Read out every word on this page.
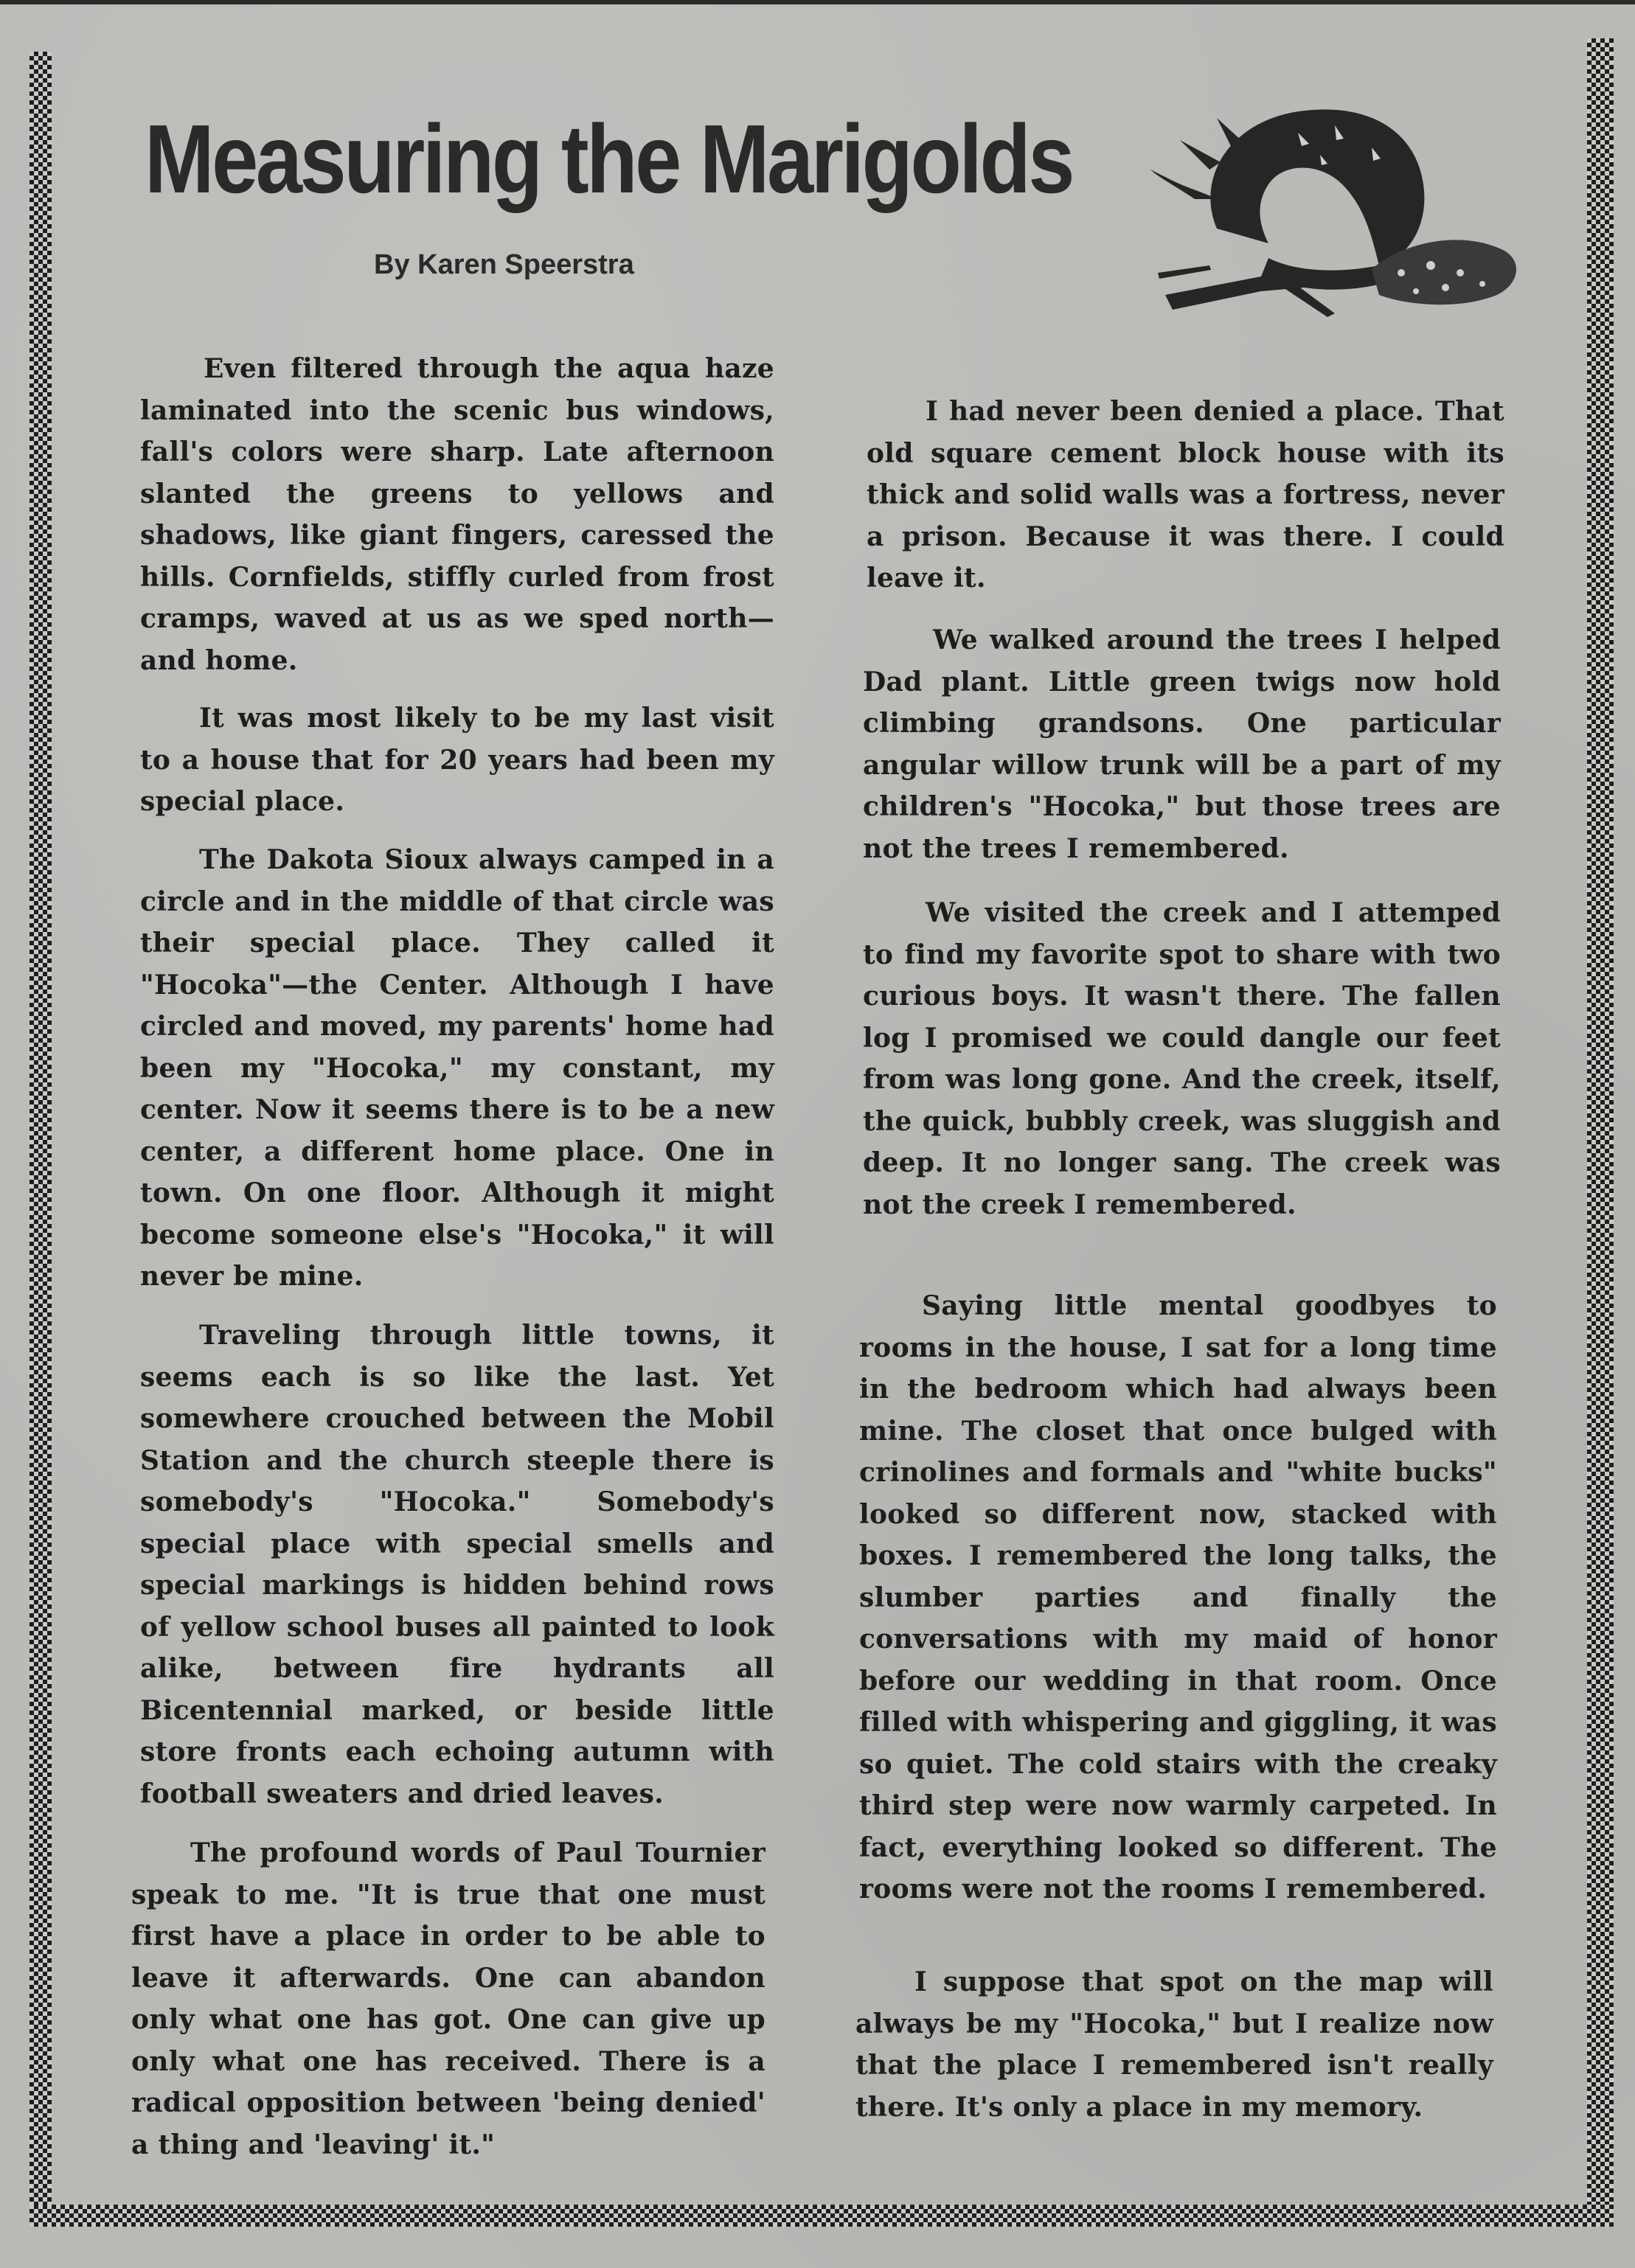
Measuring the Marigolds
By Karen Speerstra

Even filtered through the aqua haze laminated into the scenic bus windows, fall's colors were sharp. Late afternoon slanted the greens to yellows and shadows, like giant fingers, caressed the hills. Cornfields, stiffly curled from frost cramps, waved at us as we sped north—and home.

It was most likely to be my last visit to a house that for 20 years had been my special place.

The Dakota Sioux always camped in a circle and in the middle of that circle was their special place. They called it "Hocoka"—the Center. Although I have circled and moved, my parents' home had been my "Hocoka," my constant, my center. Now it seems there is to be a new center, a different home place. One in town. On one floor. Although it might become someone else's "Hocoka," it will never be mine.

Traveling through little towns, it seems each is so like the last. Yet somewhere crouched between the Mobil Station and the church steeple there is somebody's "Hocoka." Somebody's special place with special smells and special markings is hidden behind rows of yellow school buses all painted to look alike, between fire hydrants all Bicentennial marked, or beside little store fronts each echoing autumn with football sweaters and dried leaves.

The profound words of Paul Tournier speak to me. "It is true that one must first have a place in order to be able to leave it afterwards. One can abandon only what one has got. One can give up only what one has received. There is a radical opposition between 'being denied' a thing and 'leaving' it."

I had never been denied a place. That old square cement block house with its thick and solid walls was a fortress, never a prison. Because it was there. I could leave it.

We walked around the trees I helped Dad plant. Little green twigs now hold climbing grandsons. One particular angular willow trunk will be a part of my children's "Hocoka," but those trees are not the trees I remembered.

We visited the creek and I attemped to find my favorite spot to share with two curious boys. It wasn't there. The fallen log I promised we could dangle our feet from was long gone. And the creek, itself, the quick, bubbly creek, was sluggish and deep. It no longer sang. The creek was not the creek I remembered.

Saying little mental goodbyes to rooms in the house, I sat for a long time in the bedroom which had always been mine. The closet that once bulged with crinolines and formals and "white bucks" looked so different now, stacked with boxes. I remembered the long talks, the slumber parties and finally the conversations with my maid of honor before our wedding in that room. Once filled with whispering and giggling, it was so quiet. The cold stairs with the creaky third step were now warmly carpeted. In fact, everything looked so different. The rooms were not the rooms I remembered.

I suppose that spot on the map will always be my "Hocoka," but I realize now that the place I remembered isn't really there. It's only a place in my memory.
